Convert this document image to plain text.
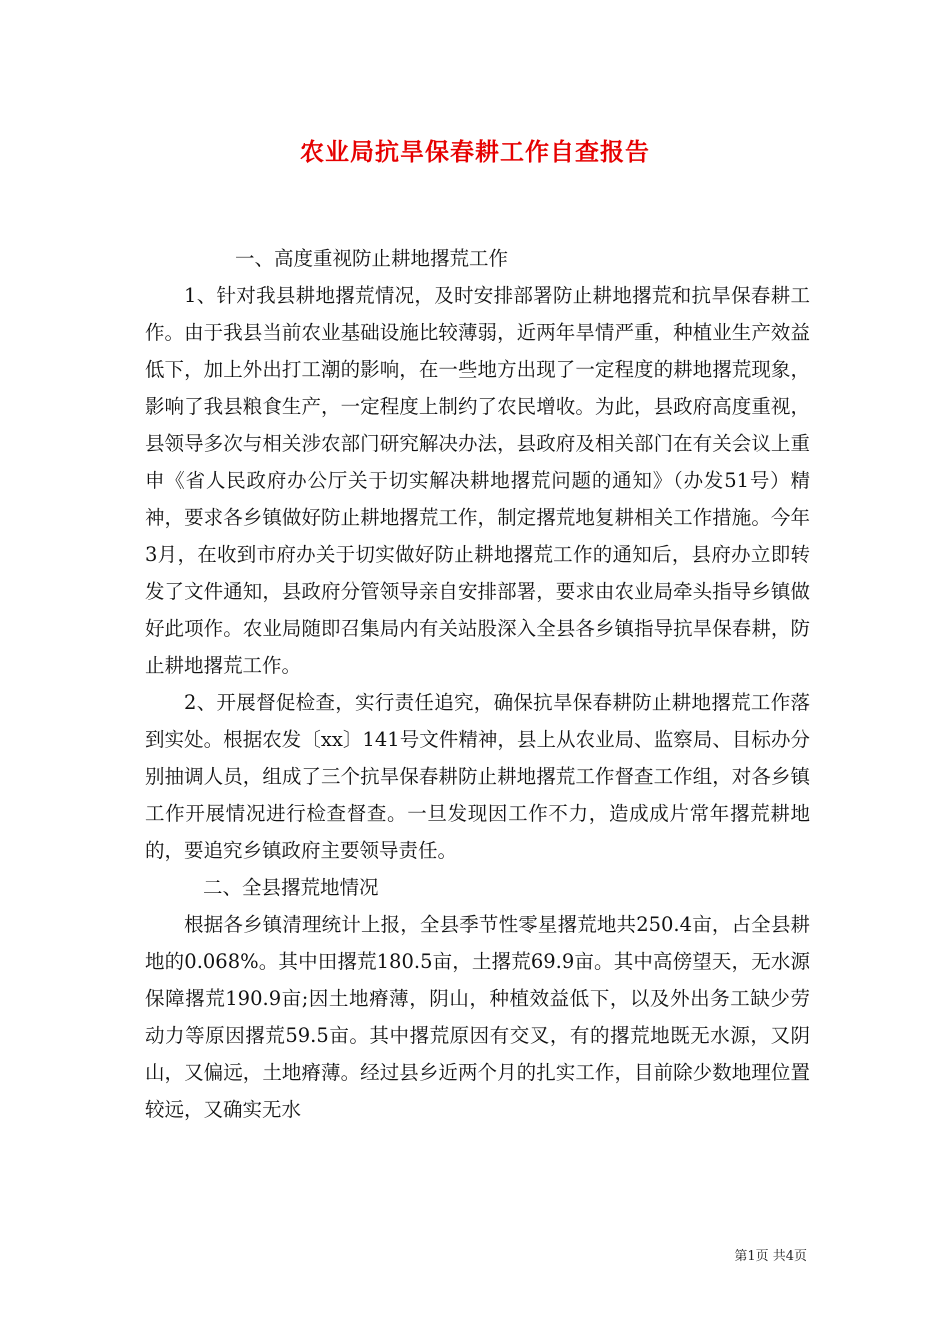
农业局抗旱保春耕工作自查报告

一、高度重视防止耕地撂荒工作

1、针对我县耕地撂荒情况，及时安排部署防止耕地撂荒和抗旱保春耕工作。由于我县当前农业基础设施比较薄弱，近两年旱情严重，种植业生产效益低下，加上外出打工潮的影响，在一些地方出现了一定程度的耕地撂荒现象，影响了我县粮食生产，一定程度上制约了农民增收。为此，县政府高度重视，县领导多次与相关涉农部门研究解决办法，县政府及相关部门在有关会议上重申《省人民政府办公厅关于切实解决耕地撂荒问题的通知》（办发51号）精神，要求各乡镇做好防止耕地撂荒工作，制定撂荒地复耕相关工作措施。今年3月，在收到市府办关于切实做好防止耕地撂荒工作的通知后，县府办立即转发了文件通知，县政府分管领导亲自安排部署，要求由农业局牵头指导乡镇做好此项作。农业局随即召集局内有关站股深入全县各乡镇指导抗旱保春耕，防止耕地撂荒工作。

2、开展督促检查，实行责任追究，确保抗旱保春耕防止耕地撂荒工作落到实处。根据农发〔xx〕141号文件精神，县上从农业局、监察局、目标办分别抽调人员，组成了三个抗旱保春耕防止耕地撂荒工作督查工作组，对各乡镇工作开展情况进行检查督查。一旦发现因工作不力，造成成片常年撂荒耕地的，要追究乡镇政府主要领导责任。

二、全县撂荒地情况

根据各乡镇清理统计上报，全县季节性零星撂荒地共250.4亩，占全县耕地的0.068%。其中田撂荒180.5亩，土撂荒69.9亩。其中高傍望天，无水源保障撂荒190.9亩;因土地瘠薄，阴山，种植效益低下，以及外出务工缺少劳动力等原因撂荒59.5亩。其中撂荒原因有交叉，有的撂荒地既无水源，又阴山，又偏远，土地瘠薄。经过县乡近两个月的扎实工作，目前除少数地理位置较远，又确实无水

第1页 共4页
